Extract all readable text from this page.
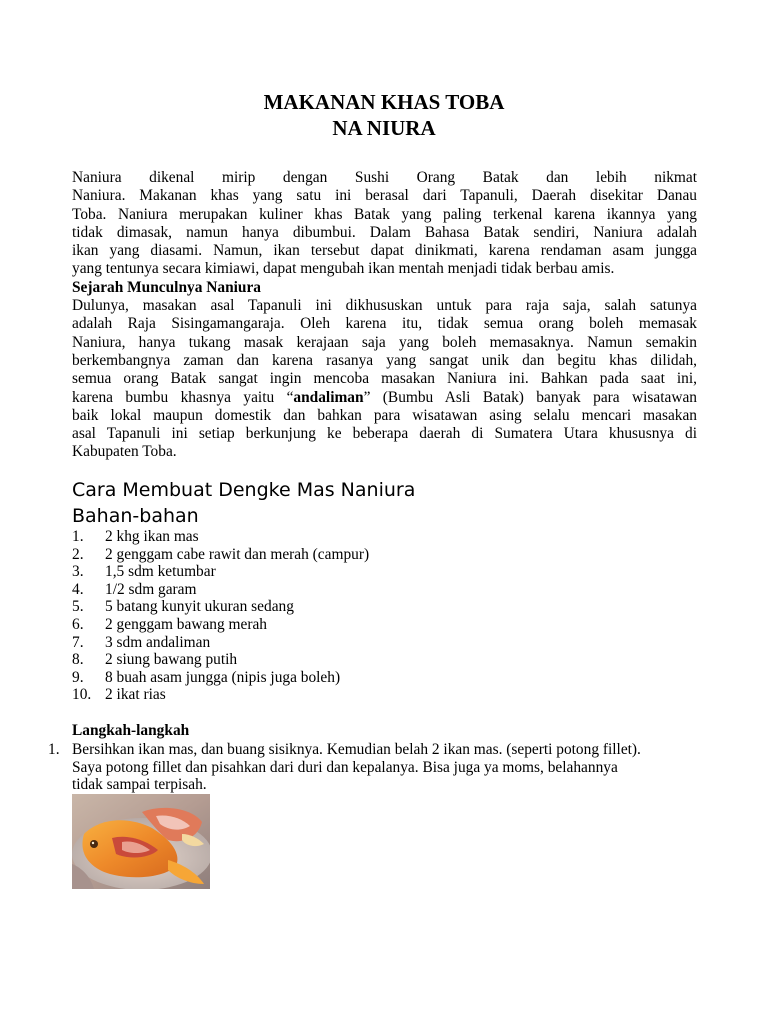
MAKANAN KHAS TOBA
NA NIURA
Naniura dikenal mirip dengan Sushi Orang Batak dan lebih nikmat
Naniura. Makanan khas yang satu ini berasal dari Tapanuli, Daerah disekitar Danau
Toba. Naniura merupakan kuliner khas Batak yang paling terkenal karena ikannya yang
tidak dimasak, namun hanya dibumbui. Dalam Bahasa Batak sendiri, Naniura adalah
ikan yang diasami. Namun, ikan tersebut dapat dinikmati, karena rendaman asam jungga
yang tentunya secara kimiawi, dapat mengubah ikan mentah menjadi tidak berbau amis.
Sejarah Munculnya Naniura
Dulunya, masakan asal Tapanuli ini dikhususkan untuk para raja saja, salah satunya
adalah Raja Sisingamangaraja. Oleh karena itu, tidak semua orang boleh memasak
Naniura, hanya tukang masak kerajaan saja yang boleh memasaknya. Namun semakin
berkembangnya zaman dan karena rasanya yang sangat unik dan begitu khas dilidah,
semua orang Batak sangat ingin mencoba masakan Naniura ini. Bahkan pada saat ini,
karena bumbu khasnya yaitu “andaliman” (Bumbu Asli Batak) banyak para wisatawan
baik lokal maupun domestik dan bahkan para wisatawan asing selalu mencari masakan
asal Tapanuli ini setiap berkunjung ke beberapa daerah di Sumatera Utara khususnya di
Kabupaten Toba.
Cara Membuat Dengke Mas Naniura
Bahan-bahan
1.	2 khg ikan mas
2.	2 genggam cabe rawit dan merah (campur)
3.	1,5 sdm ketumbar
4.	1/2 sdm garam
5.	5 batang kunyit ukuran sedang
6.	2 genggam bawang merah
7.	3 sdm andaliman
8.	2 siung bawang putih
9.	8 buah asam jungga (nipis juga boleh)
10. 2 ikat rias
Langkah-langkah
1. Bersihkan ikan mas, dan buang sisiknya. Kemudian belah 2 ikan mas. (seperti potong fillet).
Saya potong fillet dan pisahkan dari duri dan kepalanya. Bisa juga ya moms, belahannya
tidak sampai terpisah.
